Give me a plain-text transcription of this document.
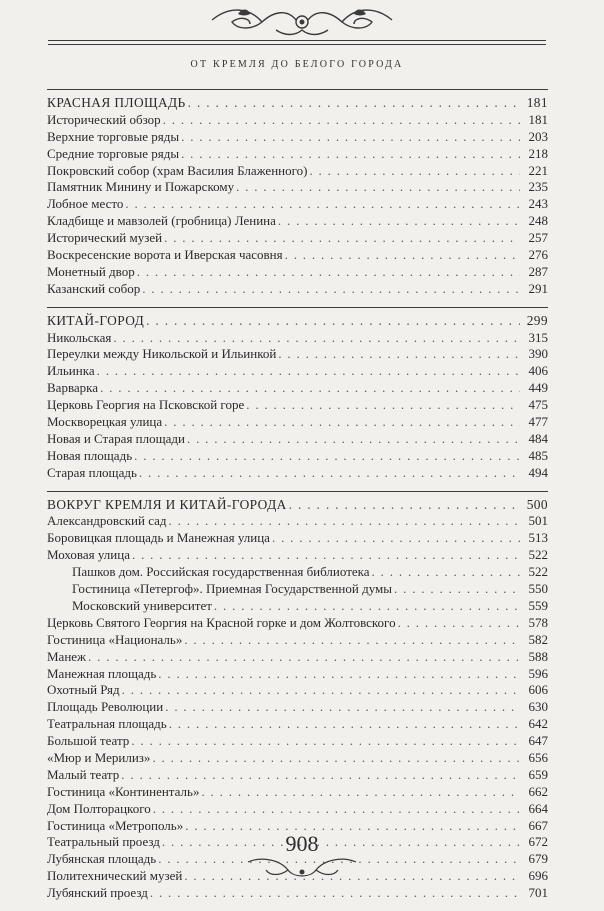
ОТ КРЕМЛЯ ДО БЕЛОГО ГОРОДА
КРАСНАЯ ПЛОЩАДЬ . . .	181
Исторический обзор . . .	181
Верхние торговые ряды . . .	203
Средние торговые ряды . . .	218
Покровский собор (храм Василия Блаженного) . . .	221
Памятник Минину и Пожарскому . . .	235
Лобное место . . .	243
Кладбище и мавзолей (гробница) Ленина . . .	248
Исторический музей . . .	257
Воскресенские ворота и Иверская часовня . . .	276
Монетный двор . . .	287
Казанский собор . . .	291
КИТАЙ-ГОРОД . . .	299
Никольская . . .	315
Переулки между Никольской и Ильинкой . . .	390
Ильинка . . .	406
Варварка . . .	449
Церковь Георгия на Псковской горе . . .	475
Москворецкая улица . . .	477
Новая и Старая площади . . .	484
Новая площадь . . .	485
Старая площадь . . .	494
ВОКРУГ КРЕМЛЯ И КИТАЙ-ГОРОДА . . .	500
Александровский сад . . .	501
Боровицкая площадь и Манежная улица . . .	513
Моховая улица . . .	522
Пашков дом. Российская государственная библиотека . . .	522
Гостиница «Петергоф». Приемная Государственной думы . . .	550
Московский университет . . .	559
Церковь Святого Георгия на Красной горке и дом Жолтовского . . .	578
Гостиница «Националь» . . .	582
Манеж . . .	588
Манежная площадь . . .	596
Охотный Ряд . . .	606
Площадь Революции . . .	630
Театральная площадь . . .	642
Большой театр . . .	647
«Мюр и Мерилиз» . . .	656
Малый театр . . .	659
Гостиница «Континенталь» . . .	662
Дом Полторацкого . . .	664
Гостиница «Метрополь» . . .	667
Театральный проезд . . .	672
Лубянская площадь . . .	679
Политехнический музей . . .	696
Лубянский проезд . . .	701
908
